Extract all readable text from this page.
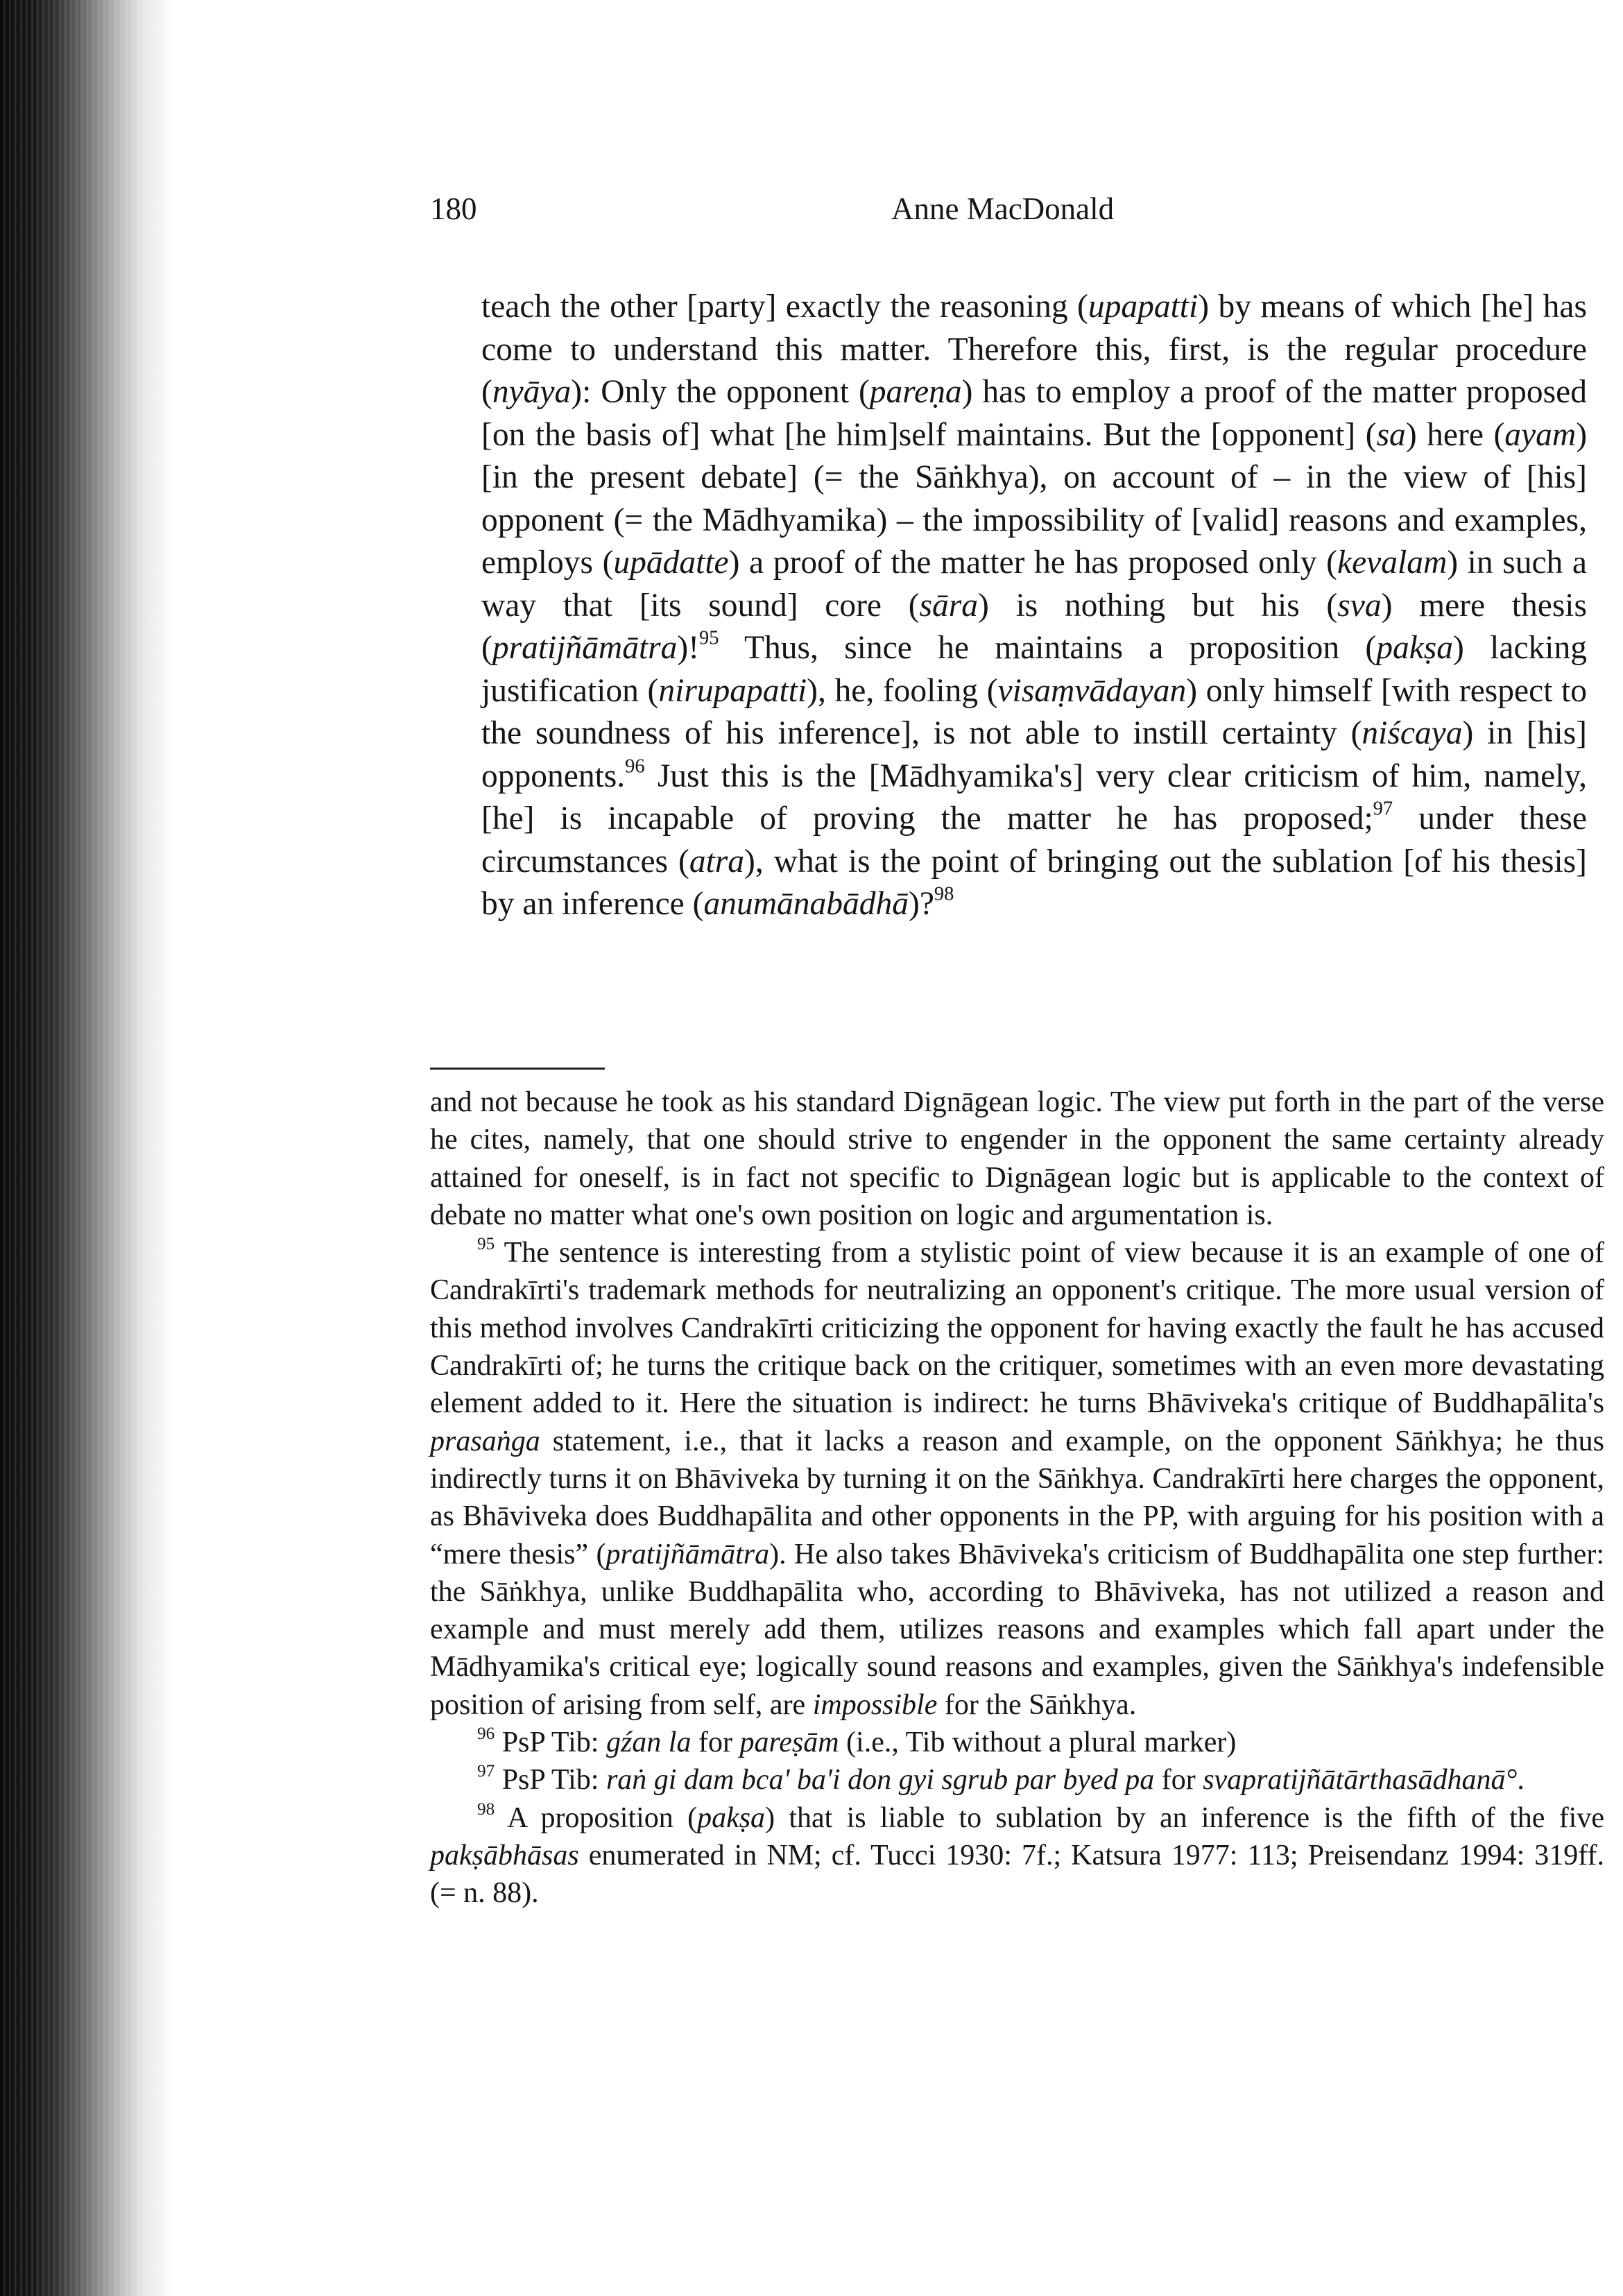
180	Anne MacDonald

teach the other [party] exactly the reasoning (upapatti) by means of which [he] has come to understand this matter. Therefore this, first, is the regular procedure (nyāya): Only the opponent (pareṇa) has to employ a proof of the matter proposed [on the basis of] what [he him]self maintains. But the [opponent] (sa) here (ayam) [in the present debate] (= the Sāṅkhya), on account of – in the view of [his] opponent (= the Mādhyamika) – the impossibility of [valid] reasons and examples, employs (upādatte) a proof of the matter he has proposed only (kevalam) in such a way that [its sound] core (sāra) is nothing but his (sva) mere thesis (pratijñāmātra)!$^{95}$ Thus, since he maintains a proposition (pakṣa) lacking justification (nirupapatti), he, fooling (visaṃvādayan) only himself [with respect to the soundness of his inference], is not able to instill certainty (niścaya) in [his] opponents.$^{96}$ Just this is the [Mādhyamika's] very clear criticism of him, namely, [he] is incapable of proving the matter he has proposed;$^{97}$ under these circumstances (atra), what is the point of bringing out the sublation [of his thesis] by an inference (anumānabādhā)?$^{98}$

and not because he took as his standard Dignāgean logic. The view put forth in the part of the verse he cites, namely, that one should strive to engender in the opponent the same certainty already attained for oneself, is in fact not specific to Dignāgean logic but is applicable to the context of debate no matter what one's own position on logic and argumentation is.

$^{95}$ The sentence is interesting from a stylistic point of view because it is an example of one of Candrakīrti's trademark methods for neutralizing an opponent's critique. The more usual version of this method involves Candrakīrti criticizing the opponent for having exactly the fault he has accused Candrakīrti of; he turns the critique back on the critiquer, sometimes with an even more devastating element added to it. Here the situation is indirect: he turns Bhāviveka's critique of Buddhapālita's prasaṅga statement, i.e., that it lacks a reason and example, on the opponent Sāṅkhya; he thus indirectly turns it on Bhāviveka by turning it on the Sāṅkhya. Candrakīrti here charges the opponent, as Bhāviveka does Buddhapālita and other opponents in the PP, with arguing for his position with a “mere thesis” (pratijñāmātra). He also takes Bhāviveka's criticism of Buddhapālita one step further: the Sāṅkhya, unlike Buddhapālita who, according to Bhāviveka, has not utilized a reason and example and must merely add them, utilizes reasons and examples which fall apart under the Mādhyamika's critical eye; logically sound reasons and examples, given the Sāṅkhya's indefensible position of arising from self, are impossible for the Sāṅkhya.

$^{96}$ PsP Tib: gźan la for pareṣām (i.e., Tib without a plural marker)

$^{97}$ PsP Tib: raṅ gi dam bca' ba'i don gyi sgrub par byed pa for svapratijñātārthasādhanā°.

$^{98}$ A proposition (pakṣa) that is liable to sublation by an inference is the fifth of the five pakṣābhāsas enumerated in NM; cf. Tucci 1930: 7f.; Katsura 1977: 113; Preisendanz 1994: 319ff. (= n. 88).
